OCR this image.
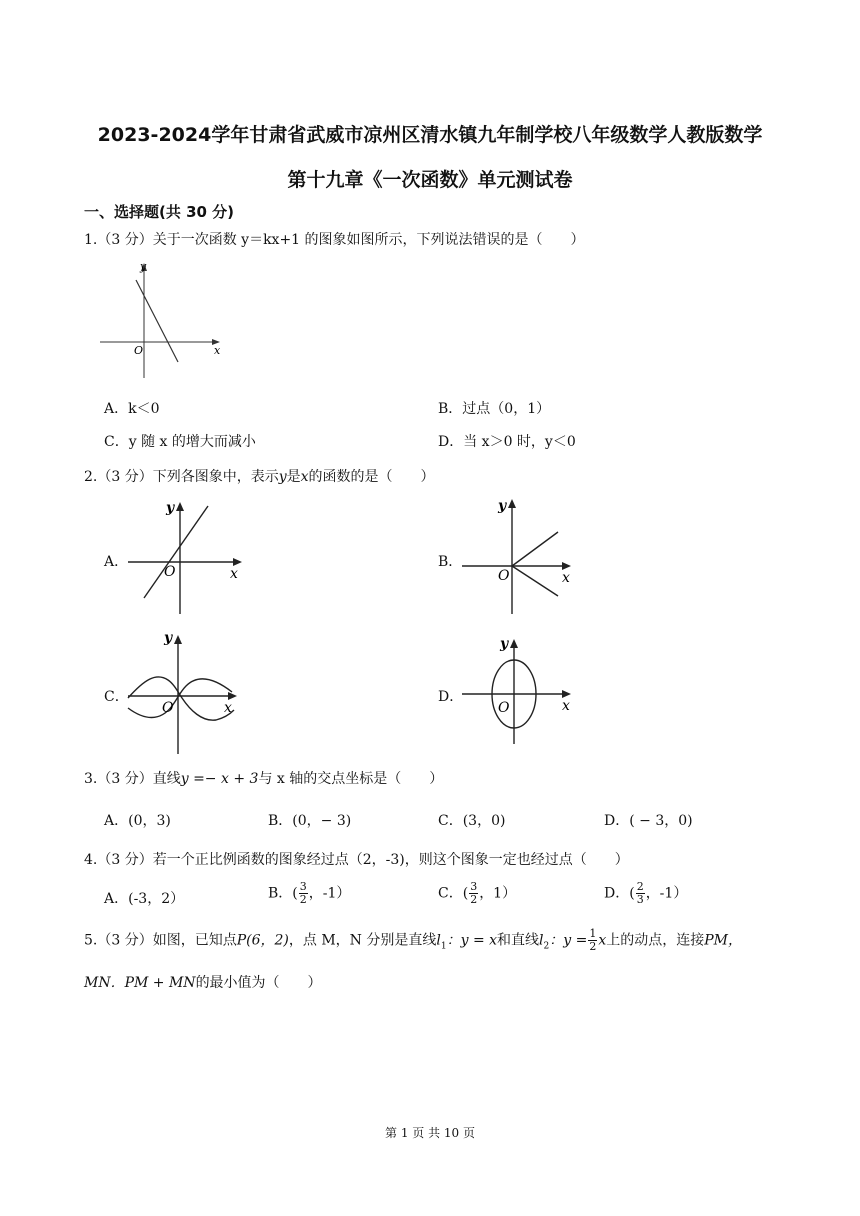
2023-2024学年甘肃省武威市凉州区清水镇九年制学校八年级数学人教版数学
第十九章《一次函数》单元测试卷
一、选择题(共 30 分)
1.（3 分）关于一次函数 y＝kx+1 的图象如图所示，下列说法错误的是（　　）
y
x
O
A．k＜0	B．过点（0，1）
C．y 随 x 的增大而减小	D．当 x＞0 时，y＜0
2.（3 分）下列各图象中，表示y是x的函数的是（　　）
A．
y
x
O
B．
y
x
O
C．
y
x
O
D．
y
x
O
3.（3 分）直线y =− x + 3与 x 轴的交点坐标是（　　）
A．(0，3)	B．(0，− 3)	C．(3，0)	D．( − 3，0)
4.（3 分）若一个正比例函数的图象经过点（2，-3)，则这个图象一定也经过点（　　）
A．(-3，2）	B．( $\frac{3}{2}$ ，-1）	C．( $\frac{3}{2}$ ，1）	D．( $\frac{2}{3}$ ，-1）
5.（3 分）如图，已知点P(6，2)，点 M，N 分别是直线$l_1$：y = x和直线$l_2$：$y = \frac{1}{2}$ x上的动点，连接PM，
MN．PM + MN的最小值为（　　）
第 1 页 共 10 页
